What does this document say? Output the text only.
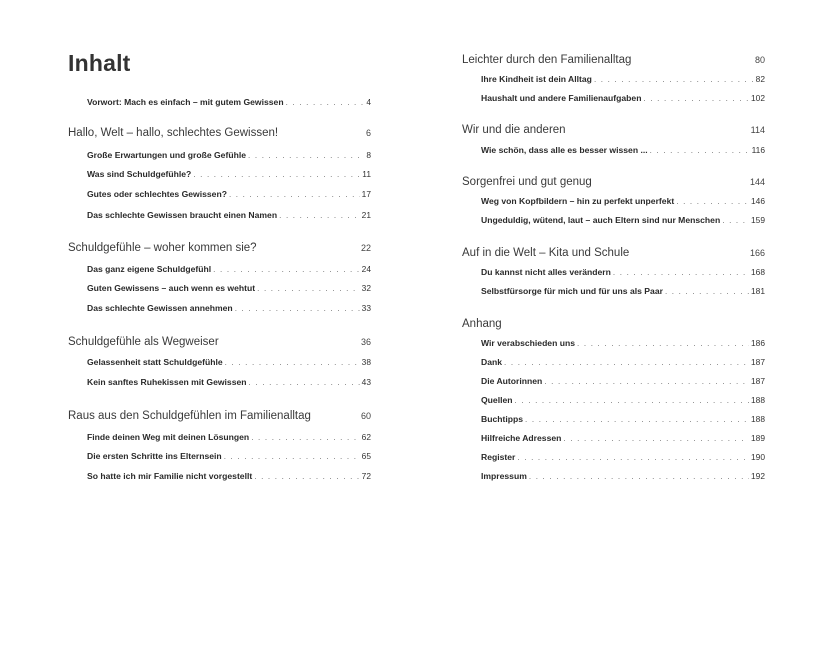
Inhalt
Vorwort: Mach es einfach – mit gutem Gewissen . . .	4
Hallo, Welt – hallo, schlechtes Gewissen!	6
Große Erwartungen und große Gefühle . . .	8
Was sind Schuldgefühle? . . .	11
Gutes oder schlechtes Gewissen? . . .	17
Das schlechte Gewissen braucht einen Namen . . .	21
Schuldgefühle – woher kommen sie?	22
Das ganz eigene Schuldgefühl . . .	24
Guten Gewissens – auch wenn es wehtut . . .	32
Das schlechte Gewissen annehmen . . .	33
Schuldgefühle als Wegweiser	36
Gelassenheit statt Schuldgefühle . . .	38
Kein sanftes Ruhekissen mit Gewissen . . .	43
Raus aus den Schuldgefühlen im Familienalltag	60
Finde deinen Weg mit deinen Lösungen . . .	62
Die ersten Schritte ins Elternsein . . .	65
So hatte ich mir Familie nicht vorgestellt . . .	72
Leichter durch den Familienalltag	80
Ihre Kindheit ist dein Alltag . . .	82
Haushalt und andere Familienaufgaben . . .	102
Wir und die anderen	114
Wie schön, dass alle es besser wissen ... . . .	116
Sorgenfrei und gut genug	144
Weg von Kopfbildern – hin zu perfekt unperfekt . . .	146
Ungeduldig, wütend, laut – auch Eltern sind nur Menschen . . .	159
Auf in die Welt – Kita und Schule	166
Du kannst nicht alles verändern . . .	168
Selbstfürsorge für mich und für uns als Paar . . .	181
Anhang
Wir verabschieden uns . . .	186
Dank . . .	187
Die Autorinnen . . .	187
Quellen . . .	188
Buchtipps . . .	188
Hilfreiche Adressen . . .	189
Register . . .	190
Impressum . . .	192
